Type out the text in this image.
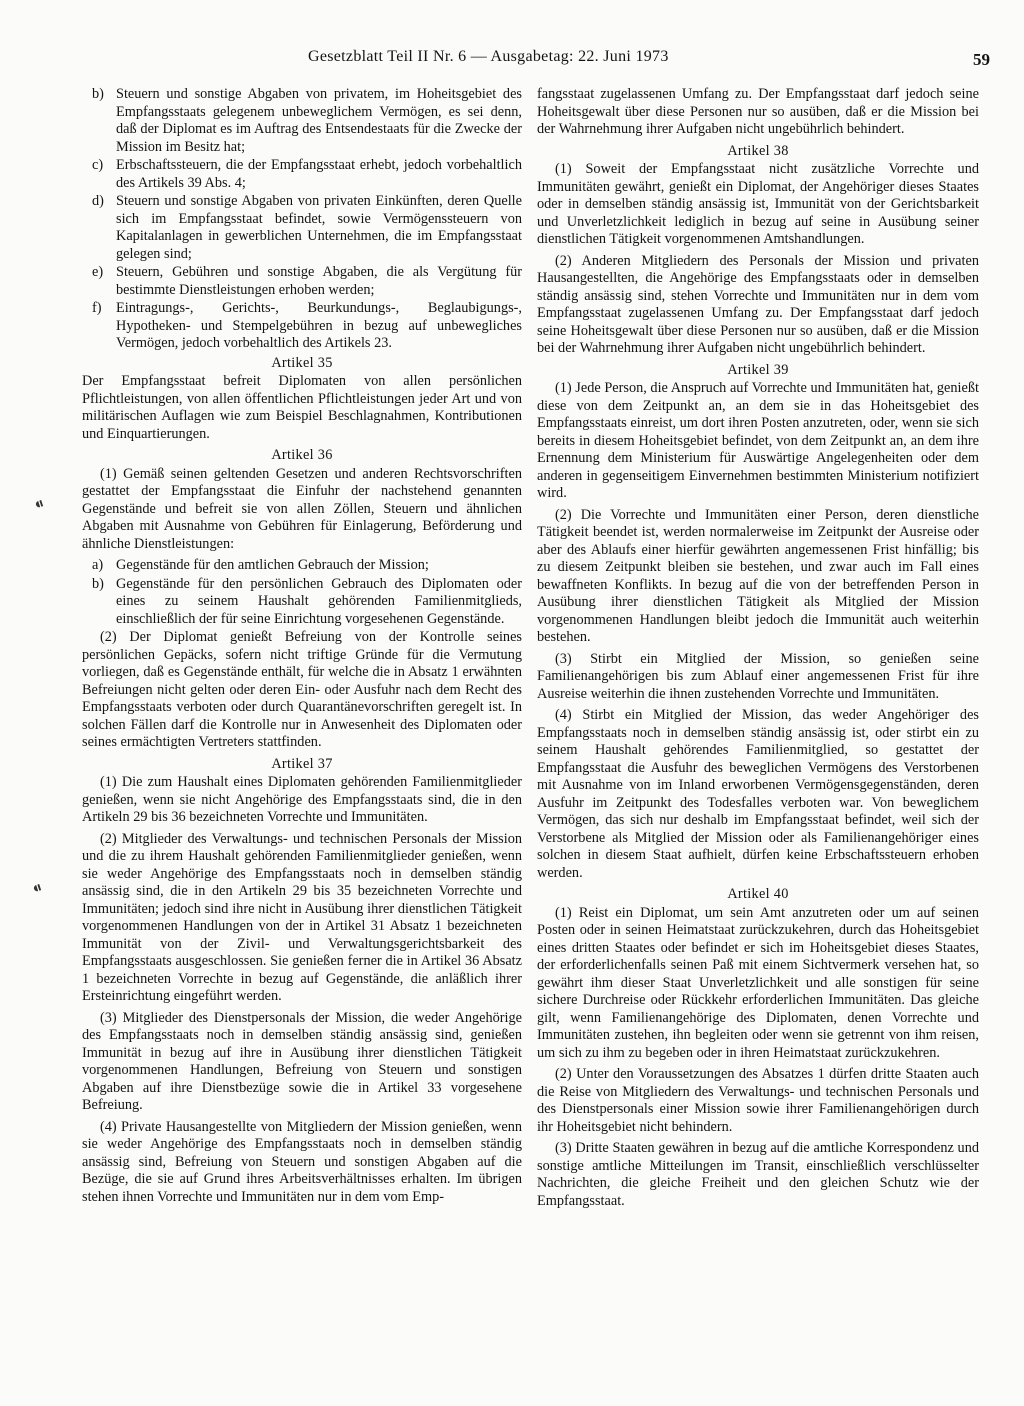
Gesetzblatt Teil II Nr. 6 — Ausgabetag: 22. Juni 1973	59
⁌
⁌
b) Steuern und sonstige Abgaben von privatem, im Hoheitsgebiet des Empfangsstaats gelegenem unbeweglichem Vermögen, es sei denn, daß der Diplomat es im Auftrag des Entsendestaats für die Zwecke der Mission im Besitz hat;
c) Erbschaftssteuern, die der Empfangsstaat erhebt, jedoch vorbehaltlich des Artikels 39 Abs. 4;
d) Steuern und sonstige Abgaben von privaten Einkünften, deren Quelle sich im Empfangsstaat befindet, sowie Vermögenssteuern von Kapitalanlagen in gewerblichen Unternehmen, die im Empfangsstaat gelegen sind;
e) Steuern, Gebühren und sonstige Abgaben, die als Vergütung für bestimmte Dienstleistungen erhoben werden;
f)	Eintragungs-, Gerichts-, Beurkundungs-, Beglaubigungs-, Hypotheken- und Stempelgebühren in bezug auf unbewegliches Vermögen, jedoch vorbehaltlich des Artikels 23.
Artikel 35

Der Empfangsstaat befreit Diplomaten von allen persönlichen Pflichtleistungen, von allen öffentlichen Pflichtleistungen jeder Art und von militärischen Auflagen wie zum Beispiel Beschlagnahmen, Kontributionen und Einquartierungen.

Artikel 36

(1) Gemäß seinen geltenden Gesetzen und anderen Rechtsvorschriften gestattet der Empfangsstaat die Einfuhr der nachstehend genannten Gegenstände und befreit sie von allen Zöllen, Steuern und ähnlichen Abgaben mit Ausnahme von Gebühren für Einlagerung, Beförderung und ähnliche Dienstleistungen:

a) Gegenstände für den amtlichen Gebrauch der Mission;
b) Gegenstände für den persönlichen Gebrauch des Diplomaten oder eines zu seinem Haushalt gehörenden Familienmitglieds, einschließlich der für seine Einrichtung vorgesehenen Gegenstände.

(2) Der Diplomat genießt Befreiung von der Kontrolle seines persönlichen Gepäcks, sofern nicht triftige Gründe für die Vermutung vorliegen, daß es Gegenstände enthält, für welche die in Absatz 1 erwähnten Befreiungen nicht gelten oder deren Ein- oder Ausfuhr nach dem Recht des Empfangsstaats verboten oder durch Quarantänevorschriften geregelt ist. In solchen Fällen darf die Kontrolle nur in Anwesenheit des Diplomaten oder seines ermächtigten Vertreters stattfinden.

Artikel 37

(1) Die zum Haushalt eines Diplomaten gehörenden Familienmitglieder genießen, wenn sie nicht Angehörige des Empfangsstaats sind, die in den Artikeln 29 bis 36 bezeichneten Vorrechte und Immunitäten.

(2) Mitglieder des Verwaltungs- und technischen Personals der Mission und die zu ihrem Haushalt gehörenden Familienmitglieder genießen, wenn sie weder Angehörige des Empfangsstaats noch in demselben ständig ansässig sind, die in den Artikeln 29 bis 35 bezeichneten Vorrechte und Immunitäten; jedoch sind ihre nicht in Ausübung ihrer dienstlichen Tätigkeit vorgenommenen Handlungen von der in Artikel 31 Absatz 1 bezeichneten Immunität von der Zivil- und Verwaltungsgerichtsbarkeit des Empfangsstaats ausgeschlossen. Sie genießen ferner die in Artikel 36 Absatz 1 bezeichneten Vorrechte in bezug auf Gegenstände, die anläßlich ihrer Ersteinrichtung eingeführt werden.

(3) Mitglieder des Dienstpersonals der Mission, die weder Angehörige des Empfangsstaats noch in demselben ständig ansässig sind, genießen Immunität in bezug auf ihre in Ausübung ihrer dienstlichen Tätigkeit vorgenommenen Handlungen, Befreiung von Steuern und sonstigen Abgaben auf ihre Dienstbezüge sowie die in Artikel 33 vorgesehene Befreiung.

(4) Private Hausangestellte von Mitgliedern der Mission genießen, wenn sie weder Angehörige des Empfangsstaats noch in demselben ständig ansässig sind, Befreiung von Steuern und sonstigen Abgaben auf die Bezüge, die sie auf Grund ihres Arbeitsverhältnisses erhalten. Im übrigen stehen ihnen Vorrechte und Immunitäten nur in dem vom Emp-

fangsstaat zugelassenen Umfang zu. Der Empfangsstaat darf jedoch seine Hoheitsgewalt über diese Personen nur so ausüben, daß er die Mission bei der Wahrnehmung ihrer Aufgaben nicht ungebührlich behindert.

Artikel 38

(1) Soweit der Empfangsstaat nicht zusätzliche Vorrechte und Immunitäten gewährt, genießt ein Diplomat, der Angehöriger dieses Staates oder in demselben ständig ansässig ist, Immunität von der Gerichtsbarkeit und Unverletzlichkeit lediglich in bezug auf seine in Ausübung seiner dienstlichen Tätigkeit vorgenommenen Amtshandlungen.

(2) Anderen Mitgliedern des Personals der Mission und privaten Hausangestellten, die Angehörige des Empfangsstaats oder in demselben ständig ansässig sind, stehen Vorrechte und Immunitäten nur in dem vom Empfangsstaat zugelassenen Umfang zu. Der Empfangsstaat darf jedoch seine Hoheitsgewalt über diese Personen nur so ausüben, daß er die Mission bei der Wahrnehmung ihrer Aufgaben nicht ungebührlich behindert.

Artikel 39

(1) Jede Person, die Anspruch auf Vorrechte und Immunitäten hat, genießt diese von dem Zeitpunkt an, an dem sie in das Hoheitsgebiet des Empfangsstaats einreist, um dort ihren Posten anzutreten, oder, wenn sie sich bereits in diesem Hoheitsgebiet befindet, von dem Zeitpunkt an, an dem ihre Ernennung dem Ministerium für Auswärtige Angelegenheiten oder dem anderen in gegenseitigem Einvernehmen bestimmten Ministerium notifiziert wird.

(2) Die Vorrechte und Immunitäten einer Person, deren dienstliche Tätigkeit beendet ist, werden normalerweise im Zeitpunkt der Ausreise oder aber des Ablaufs einer hierfür gewährten angemessenen Frist hinfällig; bis zu diesem Zeitpunkt bleiben sie bestehen, und zwar auch im Fall eines bewaffneten Konflikts. In bezug auf die von der betreffenden Person in Ausübung ihrer dienstlichen Tätigkeit als Mitglied der Mission vorgenommenen Handlungen bleibt jedoch die Immunität auch weiterhin bestehen.

(3) Stirbt ein Mitglied der Mission, so genießen seine Familienangehörigen bis zum Ablauf einer angemessenen Frist für ihre Ausreise weiterhin die ihnen zustehenden Vorrechte und Immunitäten.

(4) Stirbt ein Mitglied der Mission, das weder Angehöriger des Empfangsstaats noch in demselben ständig ansässig ist, oder stirbt ein zu seinem Haushalt gehörendes Familienmitglied, so gestattet der Empfangsstaat die Ausfuhr des beweglichen Vermögens des Verstorbenen mit Ausnahme von im Inland erworbenen Vermögensgegenständen, deren Ausfuhr im Zeitpunkt des Todesfalles verboten war. Von beweglichem Vermögen, das sich nur deshalb im Empfangsstaat befindet, weil sich der Verstorbene als Mitglied der Mission oder als Familienangehöriger eines solchen in diesem Staat aufhielt, dürfen keine Erbschaftssteuern erhoben werden.

Artikel 40

(1) Reist ein Diplomat, um sein Amt anzutreten oder um auf seinen Posten oder in seinen Heimatstaat zurückzukehren, durch das Hoheitsgebiet eines dritten Staates oder befindet er sich im Hoheitsgebiet dieses Staates, der erforderlichenfalls seinen Paß mit einem Sichtvermerk versehen hat, so gewährt ihm dieser Staat Unverletzlichkeit und alle sonstigen für seine sichere Durchreise oder Rückkehr erforderlichen Immunitäten. Das gleiche gilt, wenn Familienangehörige des Diplomaten, denen Vorrechte und Immunitäten zustehen, ihn begleiten oder wenn sie getrennt von ihm reisen, um sich zu ihm zu begeben oder in ihren Heimatstaat zurückzukehren.

(2) Unter den Voraussetzungen des Absatzes 1 dürfen dritte Staaten auch die Reise von Mitgliedern des Verwaltungs- und technischen Personals und des Dienstpersonals einer Mission sowie ihrer Familienangehörigen durch ihr Hoheitsgebiet nicht behindern.

(3) Dritte Staaten gewähren in bezug auf die amtliche Korrespondenz und sonstige amtliche Mitteilungen im Transit, einschließlich verschlüsselter Nachrichten, die gleiche Freiheit und den gleichen Schutz wie der Empfangsstaat.
